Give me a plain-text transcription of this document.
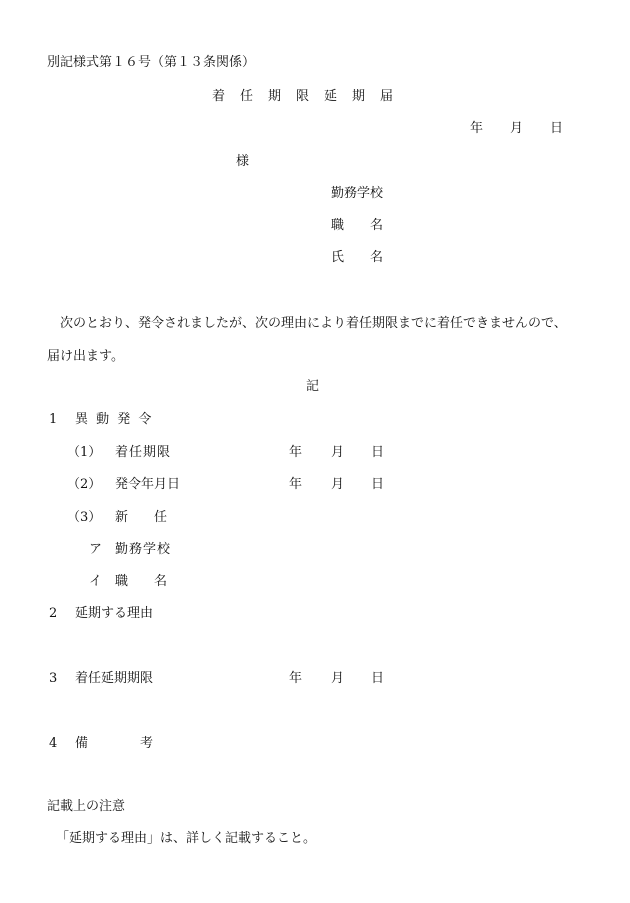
別記様式第１６号（第１３条関係）
着　任　期　限　延　期　届
年 月 日
様
勤務学校
職　　名
氏　　名
次のとおり、発令されましたが、次の理由により着任期限までに着任できませんので、
届け出ます。
記
1 異 動 発 令
（1） 着任期限	年 月 日
（2） 発令年月日	年 月 日
（3） 新　　任
ア 勤務学校
イ 職　　名
2 延期する理由
3 着任延期期限	年 月 日
4 備　　　　考
記載上の注意
「延期する理由」は、詳しく記載すること。
